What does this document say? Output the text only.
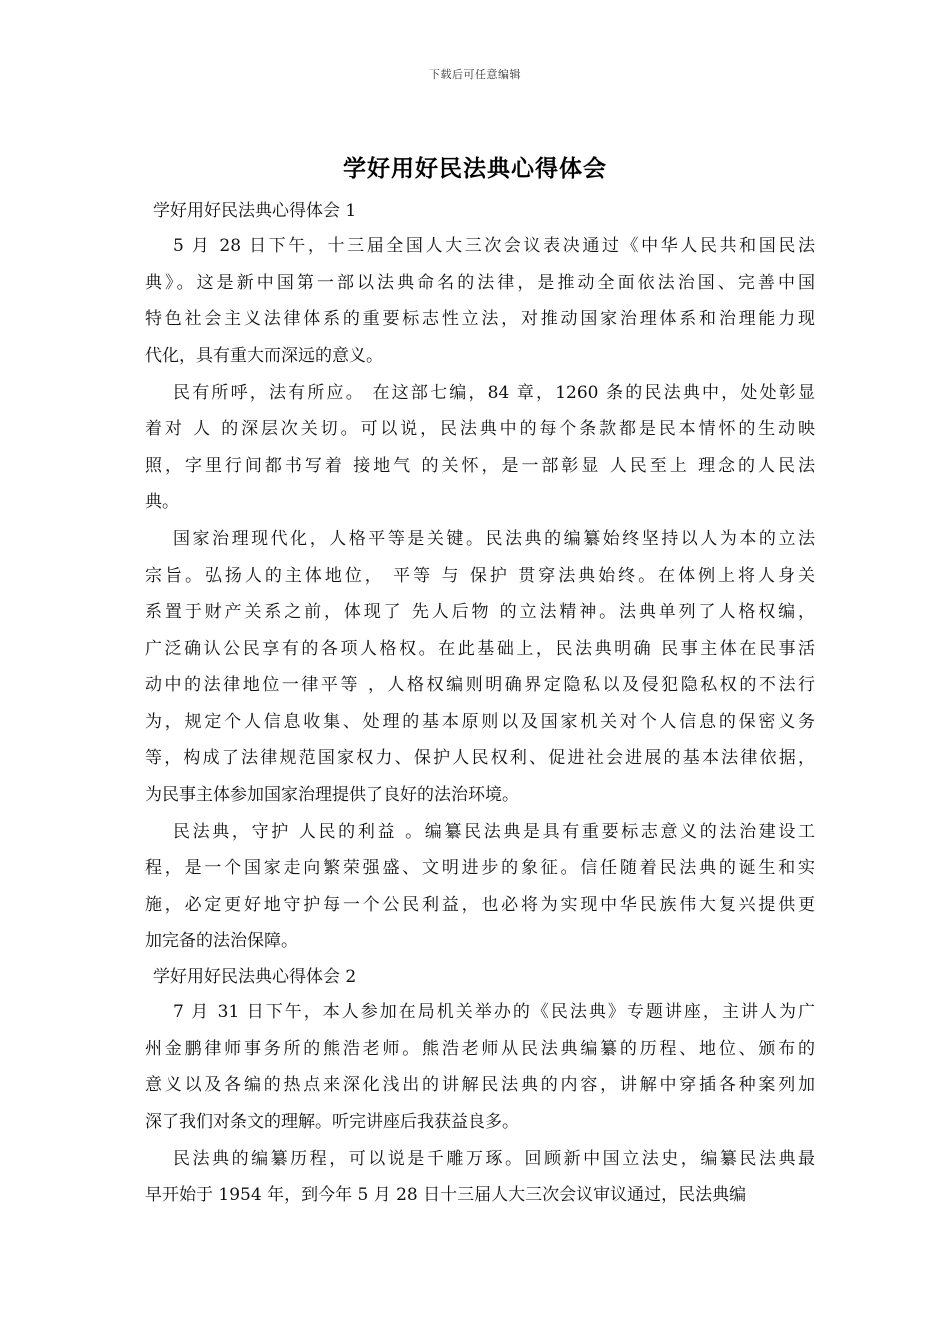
下载后可任意编辑
学好用好民法典心得体会
学好用好民法典心得体会 1
5 月 28 日下午，十三届全国人大三次会议表决通过《中华人民共和国民法
典》。这是新中国第一部以法典命名的法律，是推动全面依法治国、完善中国
特色社会主义法律体系的重要标志性立法，对推动国家治理体系和治理能力现
代化，具有重大而深远的意义。
民有所呼，法有所应。 在这部七编，84 章，1260 条的民法典中，处处彰显
着对 人 的深层次关切。可以说，民法典中的每个条款都是民本情怀的生动映
照，字里行间都书写着 接地气 的关怀，是一部彰显 人民至上 理念的人民法
典。
国家治理现代化，人格平等是关键。民法典的编纂始终坚持以人为本的立法
宗旨。弘扬人的主体地位， 平等 与 保护 贯穿法典始终。在体例上将人身关
系置于财产关系之前，体现了 先人后物 的立法精神。法典单列了人格权编，
广泛确认公民享有的各项人格权。在此基础上，民法典明确 民事主体在民事活
动中的法律地位一律平等 ，人格权编则明确界定隐私以及侵犯隐私权的不法行
为，规定个人信息收集、处理的基本原则以及国家机关对个人信息的保密义务
等，构成了法律规范国家权力、保护人民权利、促进社会进展的基本法律依据，
为民事主体参加国家治理提供了良好的法治环境。
民法典，守护 人民的利益 。编纂民法典是具有重要标志意义的法治建设工
程，是一个国家走向繁荣强盛、文明进步的象征。信任随着民法典的诞生和实
施，必定更好地守护每一个公民利益，也必将为实现中华民族伟大复兴提供更
加完备的法治保障。
学好用好民法典心得体会 2
7 月 31 日下午，本人参加在局机关举办的《民法典》专题讲座，主讲人为广
州金鹏律师事务所的熊浩老师。熊浩老师从民法典编纂的历程、地位、颁布的
意义以及各编的热点来深化浅出的讲解民法典的内容，讲解中穿插各种案列加
深了我们对条文的理解。听完讲座后我获益良多。
民法典的编纂历程，可以说是千雕万琢。回顾新中国立法史，编纂民法典最
早开始于 1954 年，到今年 5 月 28 日十三届人大三次会议审议通过，民法典编
